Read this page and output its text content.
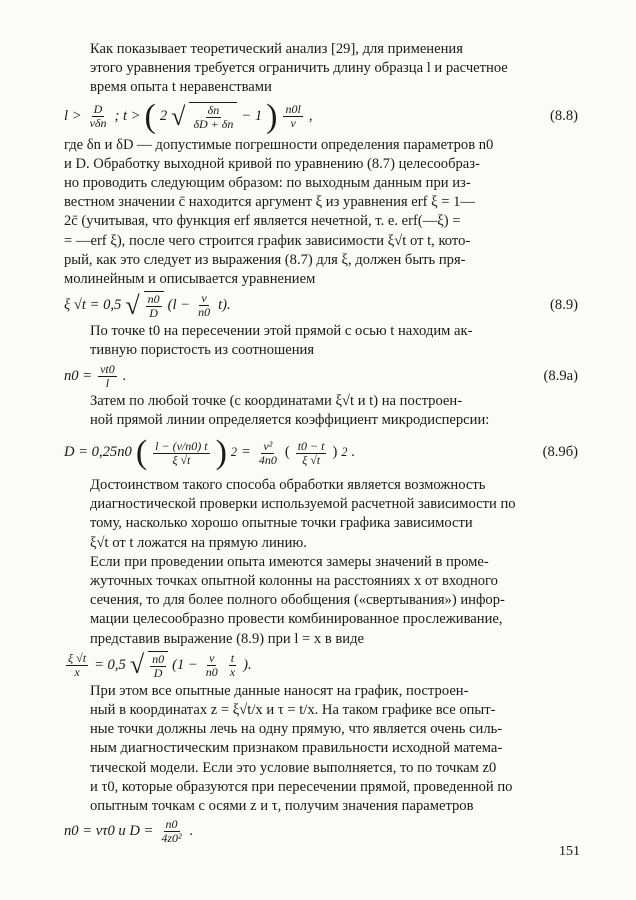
Как показывает теоретический анализ [29], для применения
этого уравнения требуется ограничить длину образца l и расчетное
время опыта t неравенствами

$l > \frac{D}{\text{vδn}}$ ; t > ( 2 √ $\frac{\delta n}{\delta D + \delta n} - 1$ ) $\frac{n0l}{v}$ ,	(8.8)

где δn и δD — допустимые погрешности определения параметров n0
и D. Обработку выходной кривой по уравнению (8.7) целесообраз-
но проводить следующим образом: по выходным данным при из-
вестном значении c̄ находится аргумент ξ из уравнения erf ξ = 1—
2c̄ (учитывая, что функция erf является нечетной, т. е. erf(—ξ) =
= —erf ξ), после чего строится график зависимости ξ√t от t, кото-
рый, как это следует из выражения (8.7) для ξ, должен быть пря-
молинейным и описывается уравнением

ξ √t = 0,5 √ $\frac{n0}{D} (l - \frac{v}{n0} t)$.	(8.9)

По точке t0 на пересечении этой прямой с осью t находим ак-
тивную пористость из соотношения

$n0 = \frac{vt0}{l}$ .	(8.9а)

Затем по любой точке (с координатами ξ√t и t) на построен-
ной прямой линии определяется коэффициент микродисперсии:

D = 0,25n0 ( $\frac{l - (v/n0) t}{\xi √t}$ ) $2 = \frac{\text{v²}}{4n0}$ ( $\frac{t0 - t}{\xi √t}$ ) 2 .	(8.9б)

Достоинством такого способа обработки является возможность
диагностической проверки используемой расчетной зависимости по
тому, насколько хорошо опытные точки графика зависимости
ξ√t от t ложатся на прямую линию.

Если при проведении опыта имеются замеры значений в проме-
жуточных точках опытной колонны на расстояниях x от входного
сечения, то для более полного обобщения («свертывания») инфор-
мации целесообразно провести комбинированное прослеживание,
представив выражение (8.9) при l = x в виде

$\frac{\xi √t}{x} = 0,5$ √ $\frac{n0}{D} (1 - \frac{v}{n0} \frac{t}{x}$ ).

При этом все опытные данные наносят на график, построен-
ный в координатах z = ξ√t/x и τ = t/x. На таком графике все опыт-
ные точки должны лечь на одну прямую, что является очень силь-
ным диагностическим признаком правильности исходной матема-
тической модели. Если это условие выполняется, то по точкам z0
и τ0, которые образуются при пересечении прямой, проведенной по
опытным точкам с осями z и τ, получим значения параметров

n0 = vτ0 и $D = \frac{n0}{\text{4z0²}}$ .
151
